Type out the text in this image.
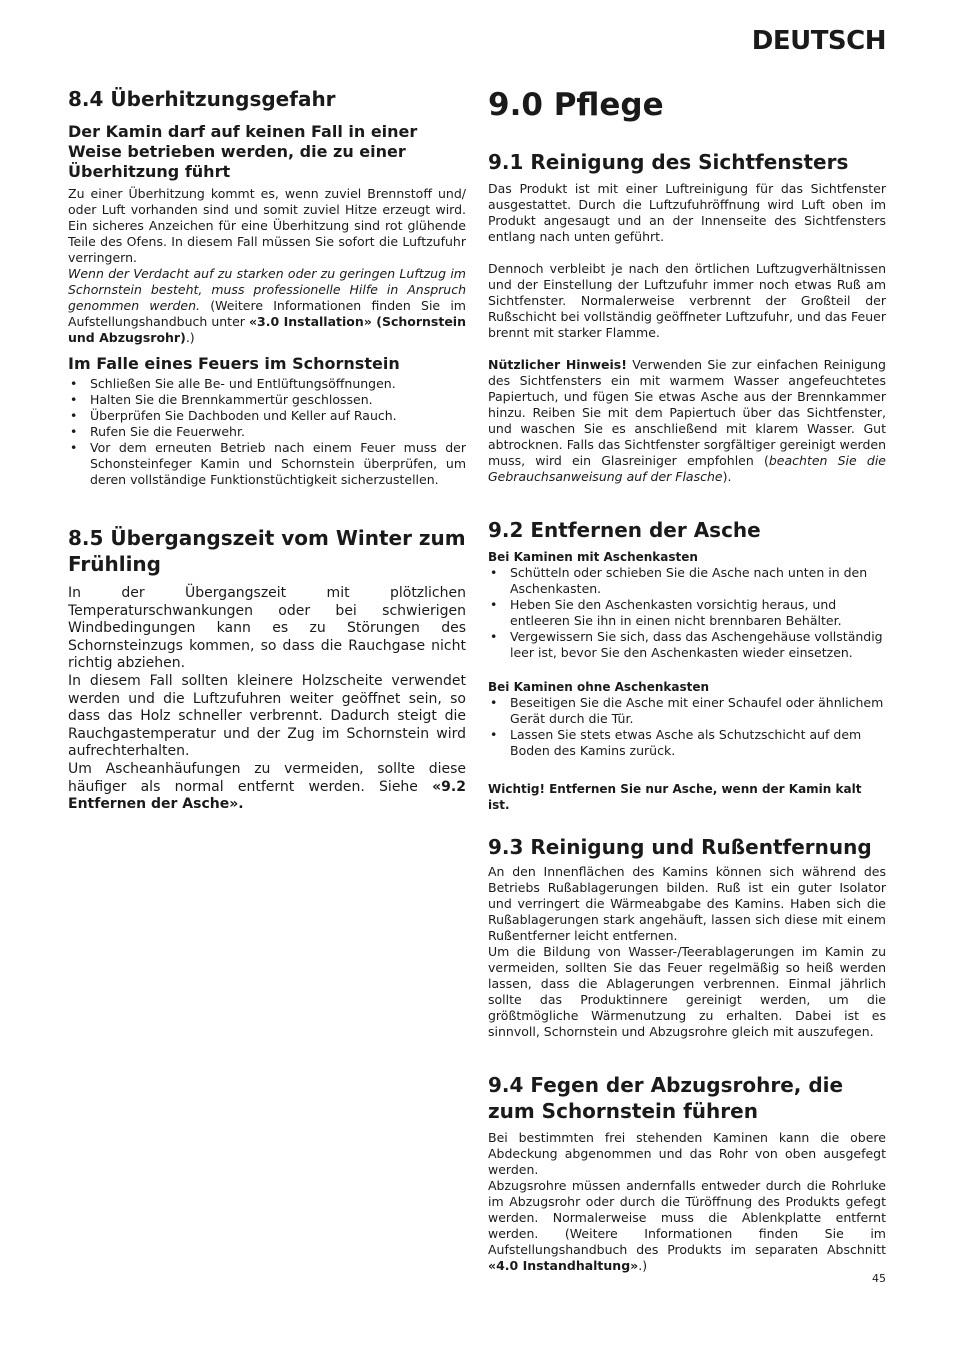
DEUTSCH
8.4 Überhitzungsgefahr
Der Kamin darf auf keinen Fall in einer Weise betrieben werden, die zu einer Überhitzung führt

Zu einer Überhitzung kommt es, wenn zuviel Brennstoff und/ oder Luft vorhanden sind und somit zuviel Hitze erzeugt wird. Ein sicheres Anzeichen für eine Überhitzung sind rot glühende Teile des Ofens. In diesem Fall müssen Sie sofort die Luftzufuhr verringern.

Wenn der Verdacht auf zu starken oder zu geringen Luftzug im Schornstein besteht, muss professionelle Hilfe in Anspruch genommen werden. (Weitere Informationen finden Sie im Aufstellungshandbuch unter «3.0 Installation» (Schornstein und Abzugsrohr).)

Im Falle eines Feuers im Schornstein
• Schließen Sie alle Be- und Entlüftungsöffnungen.
• Halten Sie die Brennkammertür geschlossen.
• Überprüfen Sie Dachboden und Keller auf Rauch.
• Rufen Sie die Feuerwehr.
• Vor dem erneuten Betrieb nach einem Feuer muss der Schonsteinfeger Kamin und Schornstein überprüfen, um deren vollständige Funktionstüchtigkeit sicherzustellen.
8.5 Übergangszeit vom Winter zum Frühling

In der Übergangszeit mit plötzlichen Temperaturschwankungen oder bei schwierigen Windbedingungen kann es zu Störungen des Schornsteinzugs kommen, so dass die Rauchgase nicht richtig abziehen.

In diesem Fall sollten kleinere Holzscheite verwendet werden und die Luftzufuhren weiter geöffnet sein, so dass das Holz schneller verbrennt. Dadurch steigt die Rauchgastemperatur und der Zug im Schornstein wird aufrechterhalten.

Um Ascheanhäufungen zu vermeiden, sollte diese häufiger als normal entfernt werden. Siehe «9.2 Entfernen der Asche».

9.0 Pflege
9.1 Reinigung des Sichtfensters

Das Produkt ist mit einer Luftreinigung für das Sichtfenster ausgestattet. Durch die Luftzufuhröffnung wird Luft oben im Produkt angesaugt und an der Innenseite des Sichtfensters entlang nach unten geführt.

Dennoch verbleibt je nach den örtlichen Luftzugverhältnissen und der Einstellung der Luftzufuhr immer noch etwas Ruß am Sichtfenster. Normalerweise verbrennt der Großteil der Rußschicht bei vollständig geöffneter Luftzufuhr, und das Feuer brennt mit starker Flamme.

Nützlicher Hinweis! Verwenden Sie zur einfachen Reinigung des Sichtfensters ein mit warmem Wasser angefeuchtetes Papiertuch, und fügen Sie etwas Asche aus der Brennkammer hinzu. Reiben Sie mit dem Papiertuch über das Sichtfenster, und waschen Sie es anschließend mit klarem Wasser. Gut abtrocknen. Falls das Sichtfenster sorgfältiger gereinigt werden muss, wird ein Glasreiniger empfohlen (beachten Sie die Gebrauchsanweisung auf der Flasche).

9.2 Entfernen der Asche
Bei Kaminen mit Aschenkasten
• Schütteln oder schieben Sie die Asche nach unten in den Aschenkasten.
• Heben Sie den Aschenkasten vorsichtig heraus, und entleeren Sie ihn in einen nicht brennbaren Behälter.
• Vergewissern Sie sich, dass das Aschengehäuse vollständig leer ist, bevor Sie den Aschenkasten wieder einsetzen.
Bei Kaminen ohne Aschenkasten
• Beseitigen Sie die Asche mit einer Schaufel oder ähnlichem Gerät durch die Tür.
• Lassen Sie stets etwas Asche als Schutzschicht auf dem Boden des Kamins zurück.
Wichtig! Entfernen Sie nur Asche, wenn der Kamin kalt ist.
9.3 Reinigung und Rußentfernung

An den Innenflächen des Kamins können sich während des Betriebs Rußablagerungen bilden. Ruß ist ein guter Isolator und verringert die Wärmeabgabe des Kamins. Haben sich die Rußablagerungen stark angehäuft, lassen sich diese mit einem Rußentferner leicht entfernen.

Um die Bildung von Wasser-/Teerablagerungen im Kamin zu vermeiden, sollten Sie das Feuer regelmäßig so heiß werden lassen, dass die Ablagerungen verbrennen. Einmal jährlich sollte das Produktinnere gereinigt werden, um die größtmögliche Wärmenutzung zu erhalten. Dabei ist es sinnvoll, Schornstein und Abzugsrohre gleich mit auszufegen.

9.4 Fegen der Abzugsrohre, die zum Schornstein führen

Bei bestimmten frei stehenden Kaminen kann die obere Abdeckung abgenommen und das Rohr von oben ausgefegt werden.

Abzugsrohre müssen andernfalls entweder durch die Rohrluke im Abzugsrohr oder durch die Türöffnung des Produkts gefegt werden. Normalerweise muss die Ablenkplatte entfernt werden. (Weitere Informationen finden Sie im Aufstellungshandbuch des Produkts im separaten Abschnitt «4.0 Instandhaltung».)

45
